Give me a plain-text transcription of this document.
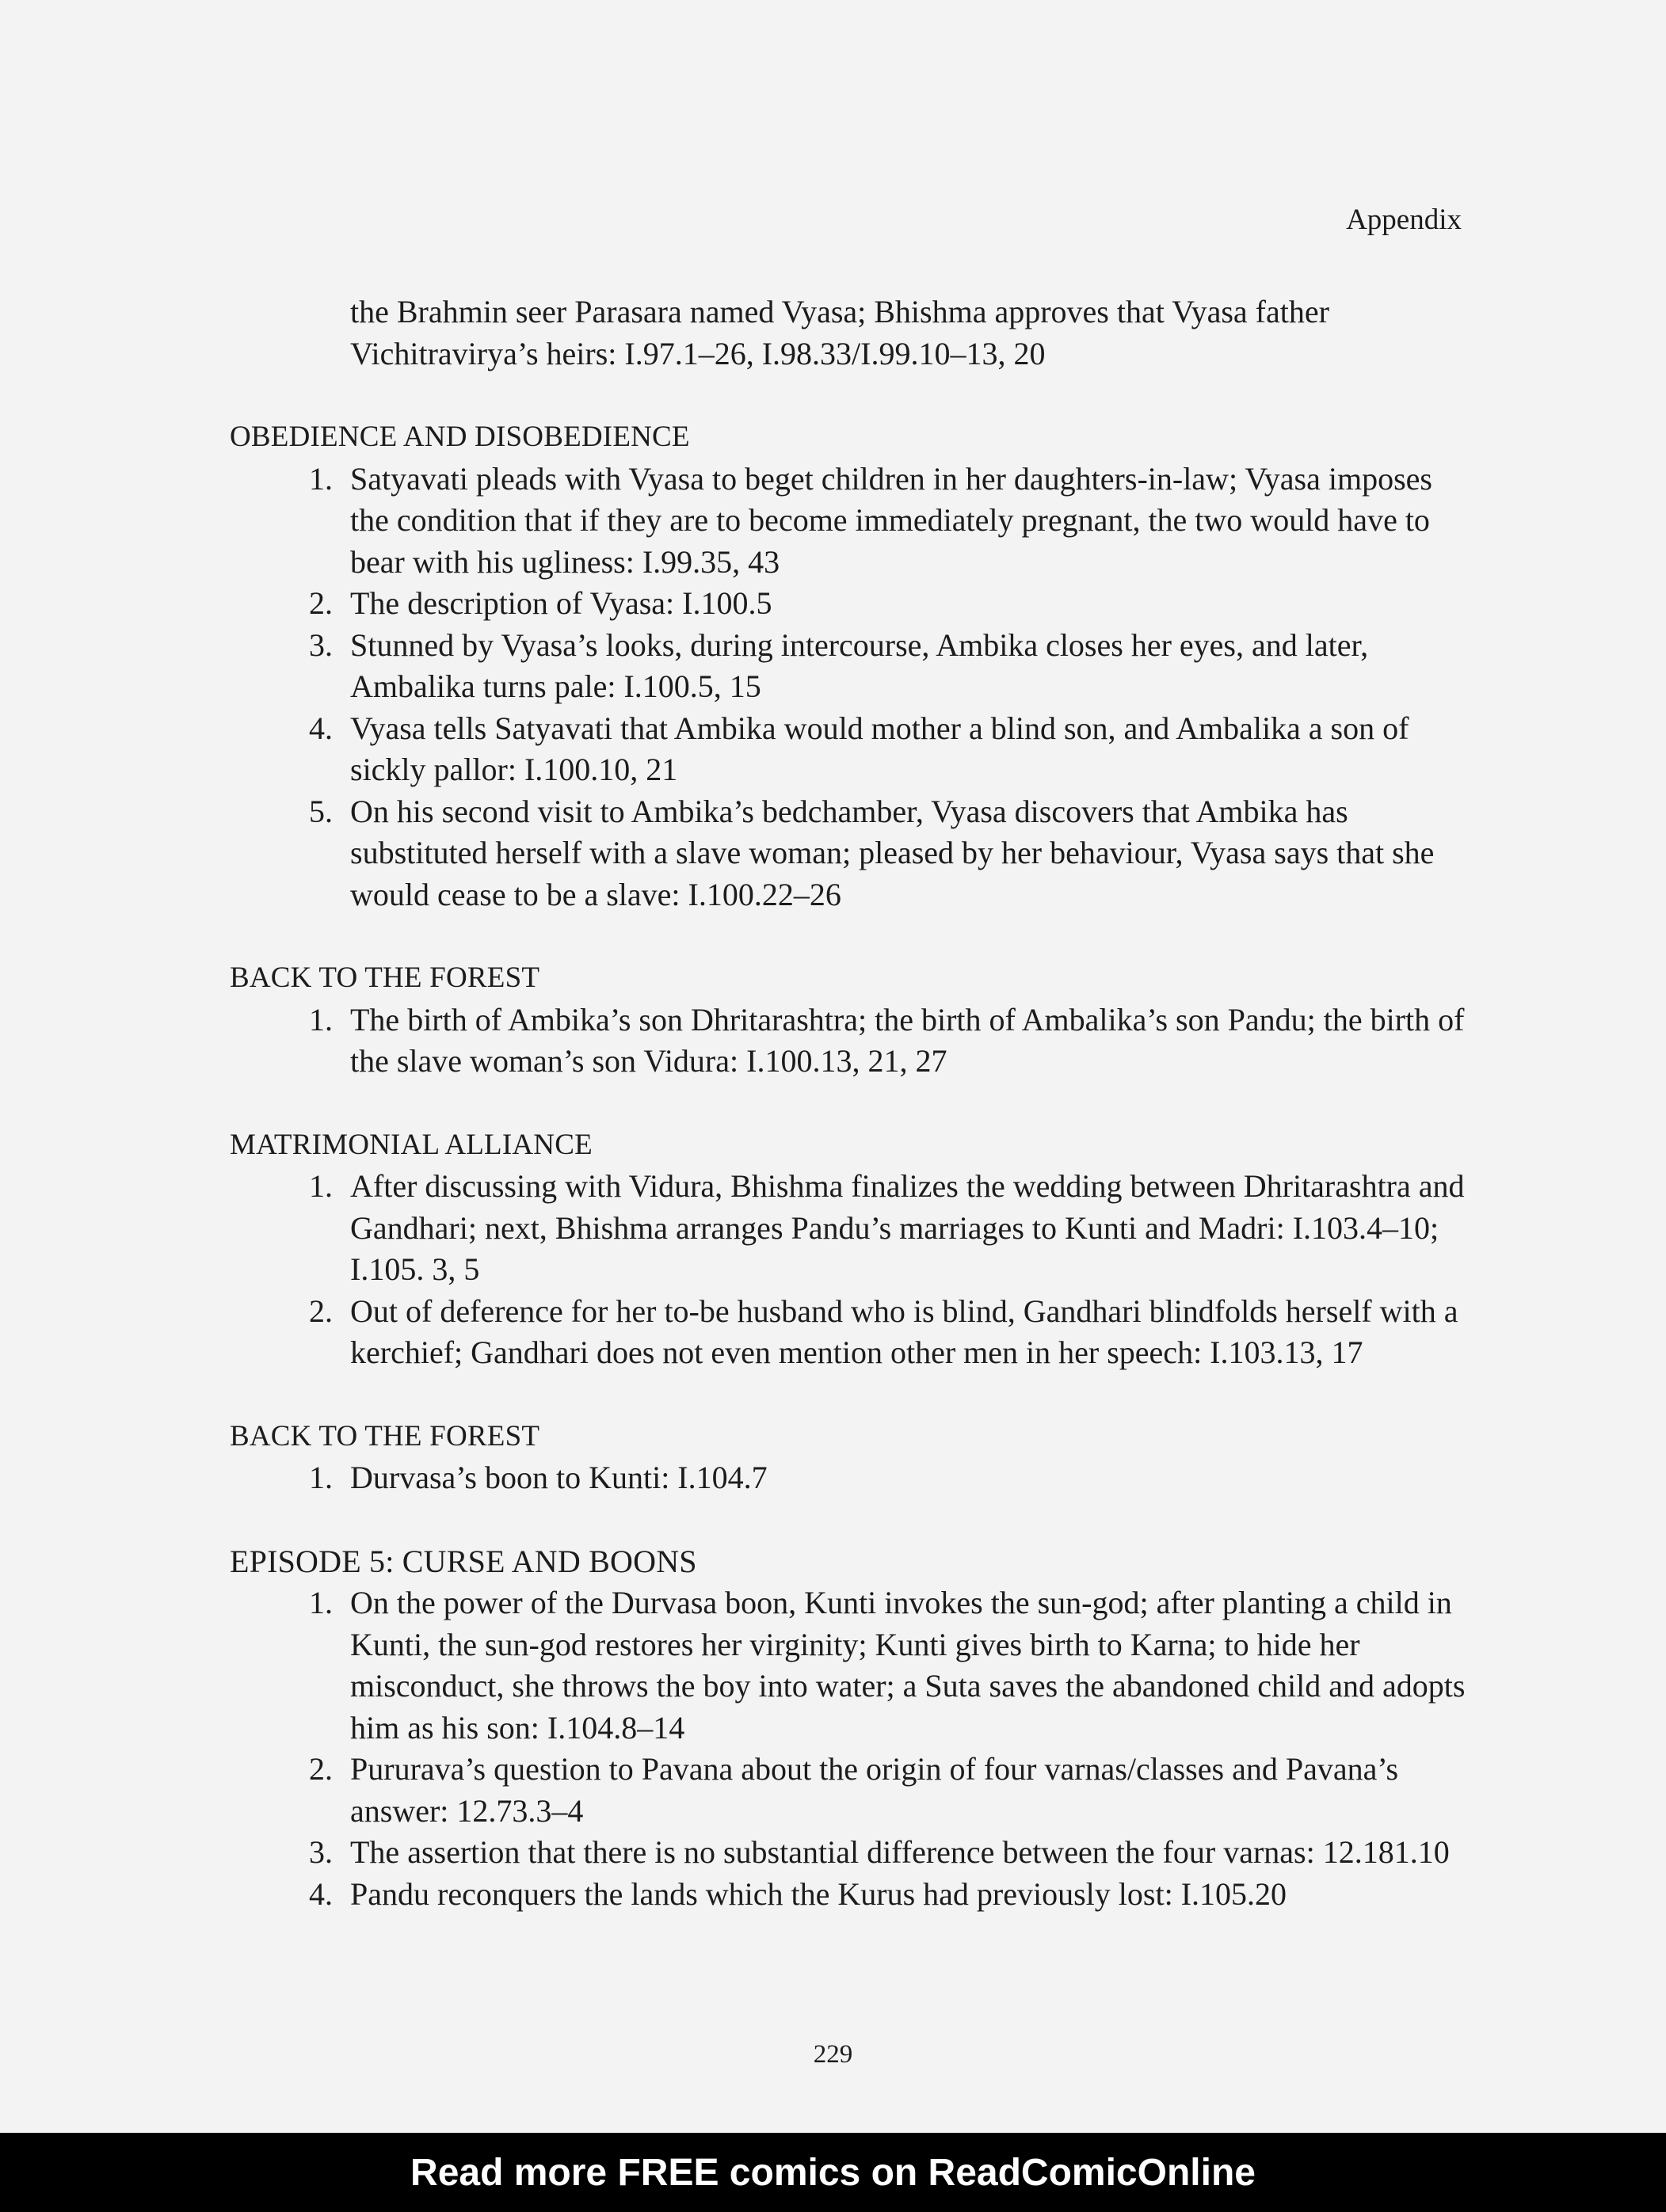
Appendix

the Brahmin seer Parasara named Vyasa; Bhishma approves that Vyasa father Vichitravirya’s heirs: I.97.1–26, I.98.33/I.99.10–13, 20

OBEDIENCE AND DISOBEDIENCE
1. Satyavati pleads with Vyasa to beget children in her daughters-in-law; Vyasa imposes the condition that if they are to become immediately pregnant, the two would have to bear with his ugliness: I.99.35, 43
2. The description of Vyasa: I.100.5
3. Stunned by Vyasa’s looks, during intercourse, Ambika closes her eyes, and later, Ambalika turns pale: I.100.5, 15
4. Vyasa tells Satyavati that Ambika would mother a blind son, and Ambalika a son of sickly pallor: I.100.10, 21
5. On his second visit to Ambika’s bedchamber, Vyasa discovers that Ambika has substituted herself with a slave woman; pleased by her behaviour, Vyasa says that she would cease to be a slave: I.100.22–26
BACK TO THE FOREST
1. The birth of Ambika’s son Dhritarashtra; the birth of Ambalika’s son Pandu; the birth of the slave woman’s son Vidura: I.100.13, 21, 27
MATRIMONIAL ALLIANCE
1. After discussing with Vidura, Bhishma finalizes the wedding between Dhritarashtra and Gandhari; next, Bhishma arranges Pandu’s marriages to Kunti and Madri: I.103.4–10; I.105. 3, 5
2. Out of deference for her to-be husband who is blind, Gandhari blindfolds herself with a kerchief; Gandhari does not even mention other men in her speech: I.103.13, 17
BACK TO THE FOREST
1. Durvasa’s boon to Kunti: I.104.7
EPISODE 5: CURSE AND BOONS
1. On the power of the Durvasa boon, Kunti invokes the sun-god; after planting a child in Kunti, the sun-god restores her virginity; Kunti gives birth to Karna; to hide her misconduct, she throws the boy into water; a Suta saves the abandoned child and adopts him as his son: I.104.8–14
2. Pururava’s question to Pavana about the origin of four varnas/classes and Pavana’s answer: 12.73.3–4
3. The assertion that there is no substantial difference between the four varnas: 12.181.10
4. Pandu reconquers the lands which the Kurus had previously lost: I.105.20
229
Read more FREE comics on ReadComicOnline
